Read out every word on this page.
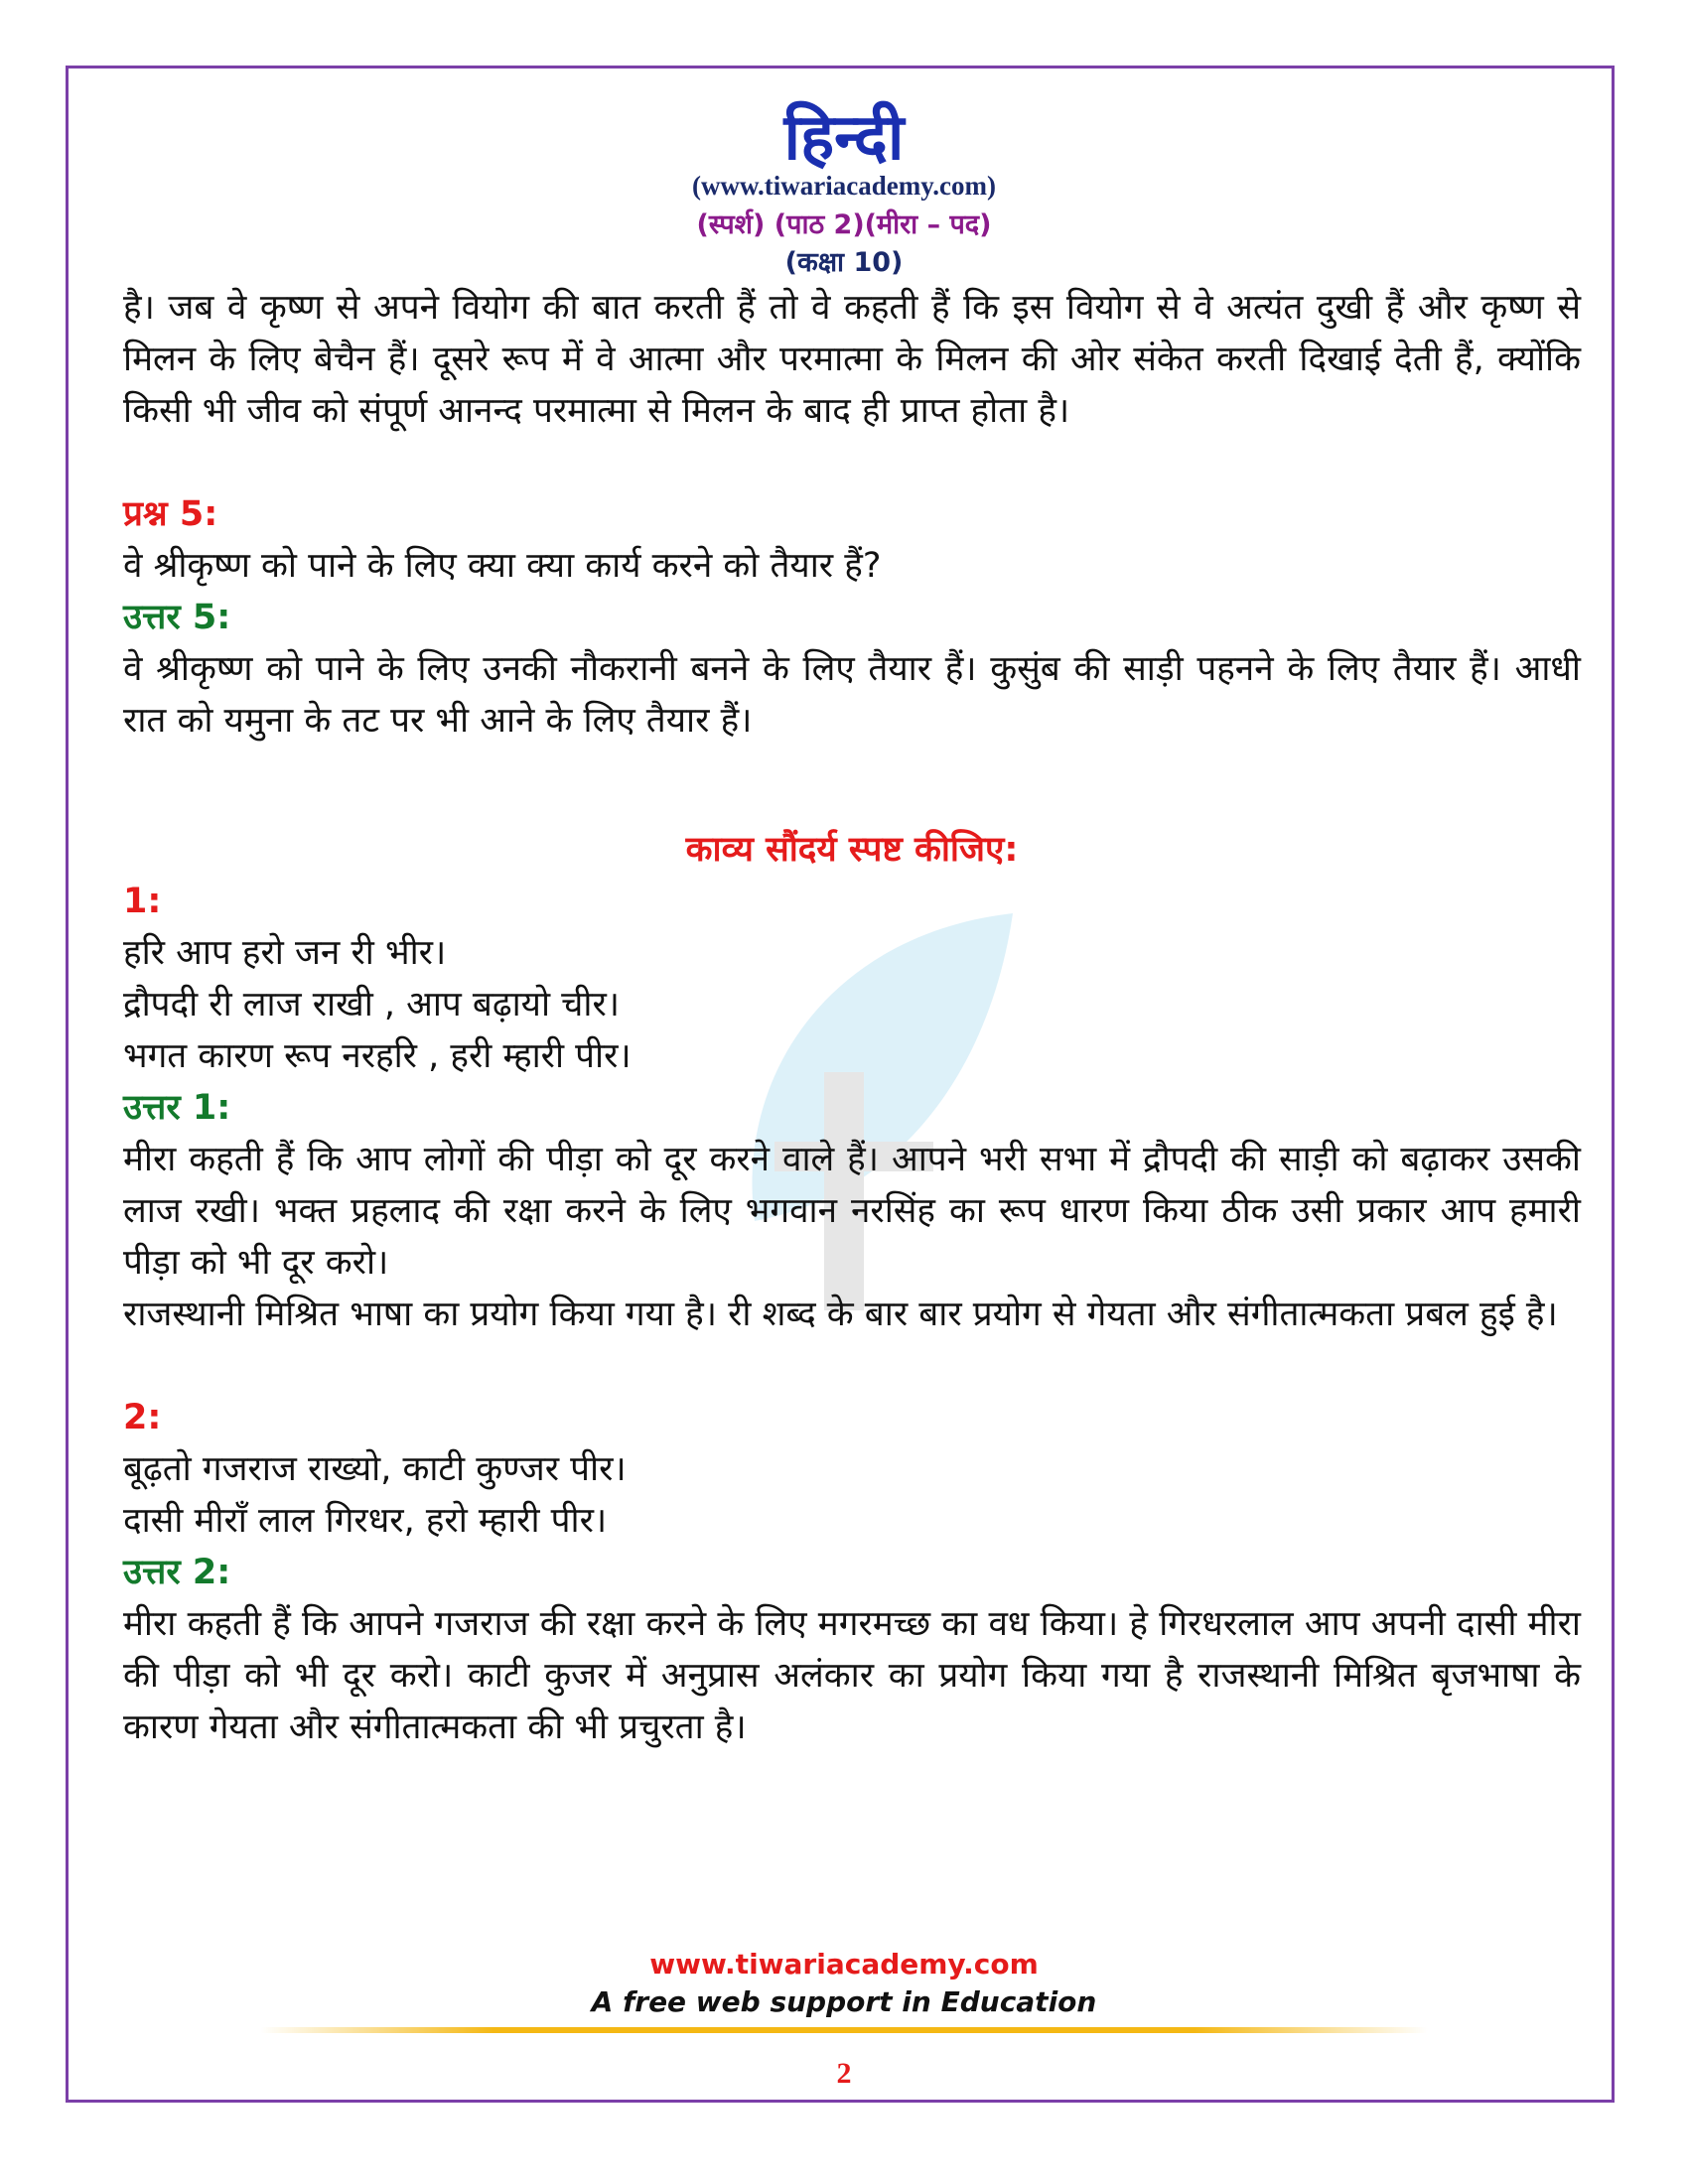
हिन्दी
(www.tiwariacademy.com)
(स्पर्श) (पाठ 2)(मीरा – पद)
(कक्षा 10)

है। जब वे कृष्ण से अपने वियोग की बात करती हैं तो वे कहती हैं कि इस वियोग से वे अत्यंत दुखी हैं और कृष्ण से मिलन के लिए बेचैन हैं। दूसरे रूप में वे आत्मा और परमात्मा के मिलन की ओर संकेत करती दिखाई देती हैं, क्योंकि किसी भी जीव को संपूर्ण आनन्द परमात्मा से मिलन के बाद ही प्राप्त होता है।

प्रश्न 5:

वे श्रीकृष्ण को पाने के लिए क्या क्या कार्य करने को तैयार हैं?

उत्तर 5:

वे श्रीकृष्ण को पाने के लिए उनकी नौकरानी बनने के लिए तैयार हैं। कुसुंब की साड़ी पहनने के लिए तैयार हैं। आधी रात को यमुना के तट पर भी आने के लिए तैयार हैं।

काव्य सौंदर्य स्पष्ट कीजिए:
1:
हरि आप हरो जन री भीर।
द्रौपदी री लाज राखी , आप बढ़ायो चीर।
भगत कारण रूप नरहरि , हरी म्हारी पीर।
उत्तर 1:

मीरा कहती हैं कि आप लोगों की पीड़ा को दूर करने वाले हैं। आपने भरी सभा में द्रौपदी की साड़ी को बढ़ाकर उसकी लाज रखी। भक्त प्रहलाद की रक्षा करने के लिए भगवान नरसिंह का रूप धारण किया ठीक उसी प्रकार आप हमारी पीड़ा को भी दूर करो।

राजस्थानी मिश्रित भाषा का प्रयोग किया गया है। री शब्द के बार बार प्रयोग से गेयता और संगीतात्मकता प्रबल हुई है।

2:
बूढ़तो गजराज राख्यो, काटी कुण्जर पीर।
दासी मीराँ लाल गिरधर, हरो म्हारी पीर।
उत्तर 2:

मीरा कहती हैं कि आपने गजराज की रक्षा करने के लिए मगरमच्छ का वध किया। हे गिरधरलाल आप अपनी दासी मीरा की पीड़ा को भी दूर करो। काटी कुजर में अनुप्रास अलंकार का प्रयोग किया गया है राजस्थानी मिश्रित बृजभाषा के कारण गेयता और संगीतात्मकता की भी प्रचुरता है।

www.tiwariacademy.com
A free web support in Education
2
